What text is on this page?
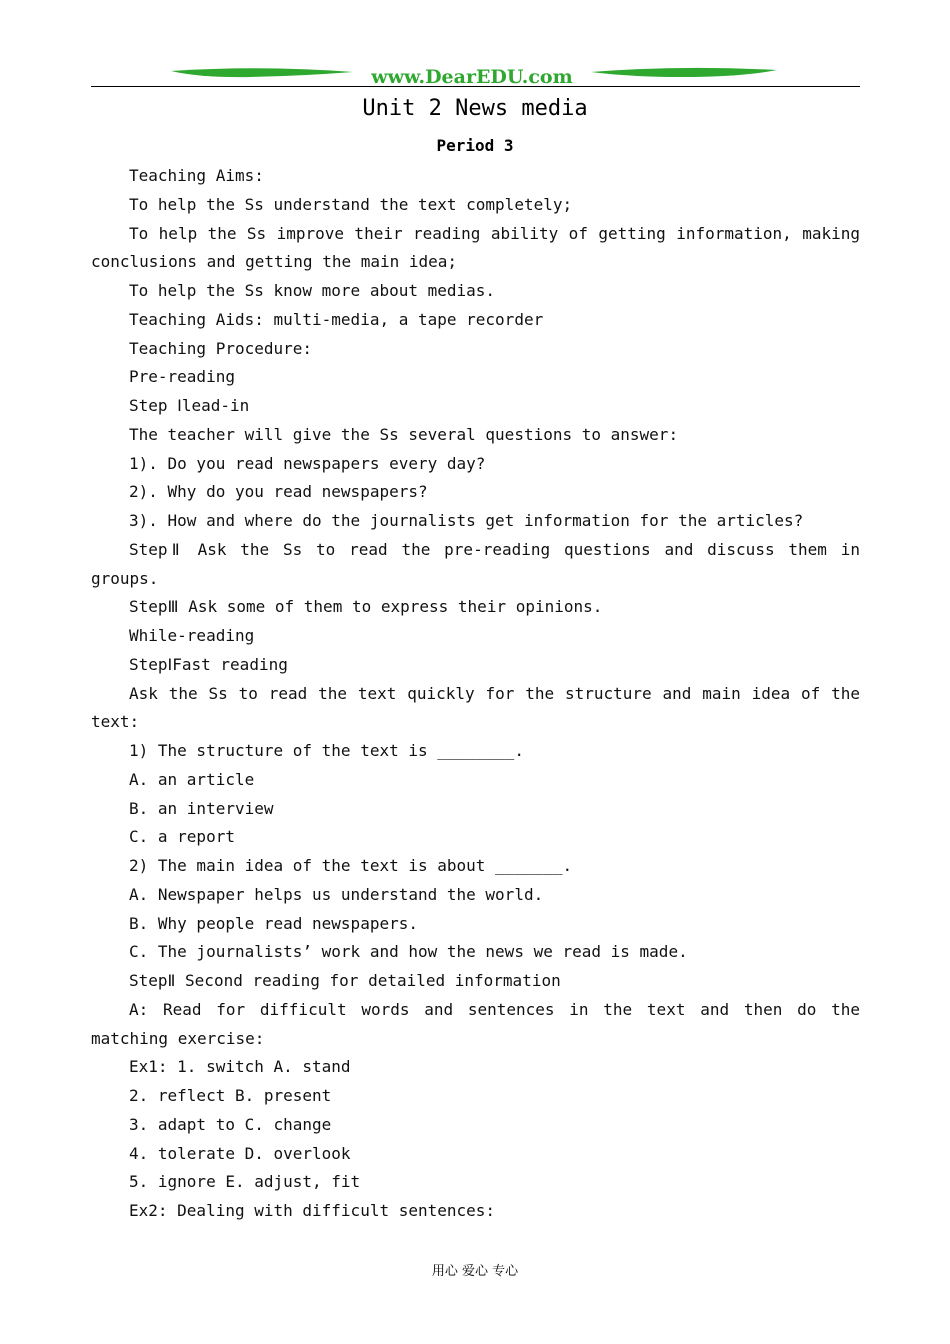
www.DearEDU.com
Unit 2 News media
Period 3
Teaching Aims:
To help the Ss understand the text completely;
To help the Ss improve their reading ability of getting information, making
conclusions and getting the main idea;
To help the Ss know more about medias.
Teaching Aids: multi-media, a tape recorder
Teaching Procedure:
Pre-reading
Step Ⅰlead-in
The teacher will give the Ss several questions to answer:
1). Do you read newspapers every day?
2). Why do you read newspapers?
3). How and where do the journalists get information for the articles?
StepⅡ Ask the Ss to read the pre-reading questions and discuss them in
groups.
StepⅢ Ask some of them to express their opinions.
While-reading
StepⅠFast reading
Ask the Ss to read the text quickly for the structure and main idea of the
text:
1) The structure of the text is ________.
A. an article
B. an interview
C. a report
2) The main idea of the text is about _______.
A. Newspaper helps us understand the world.
B. Why people read newspapers.
C. The journalists’ work and how the news we read is made.
StepⅡ Second reading for detailed information
A: Read for difficult words and sentences in the text and then do the
matching exercise:
Ex1: 1. switch A. stand
2. reflect B. present
3. adapt to C. change
4. tolerate D. overlook
5. ignore E. adjust, fit
Ex2: Dealing with difficult sentences:
用心 爱心 专心
